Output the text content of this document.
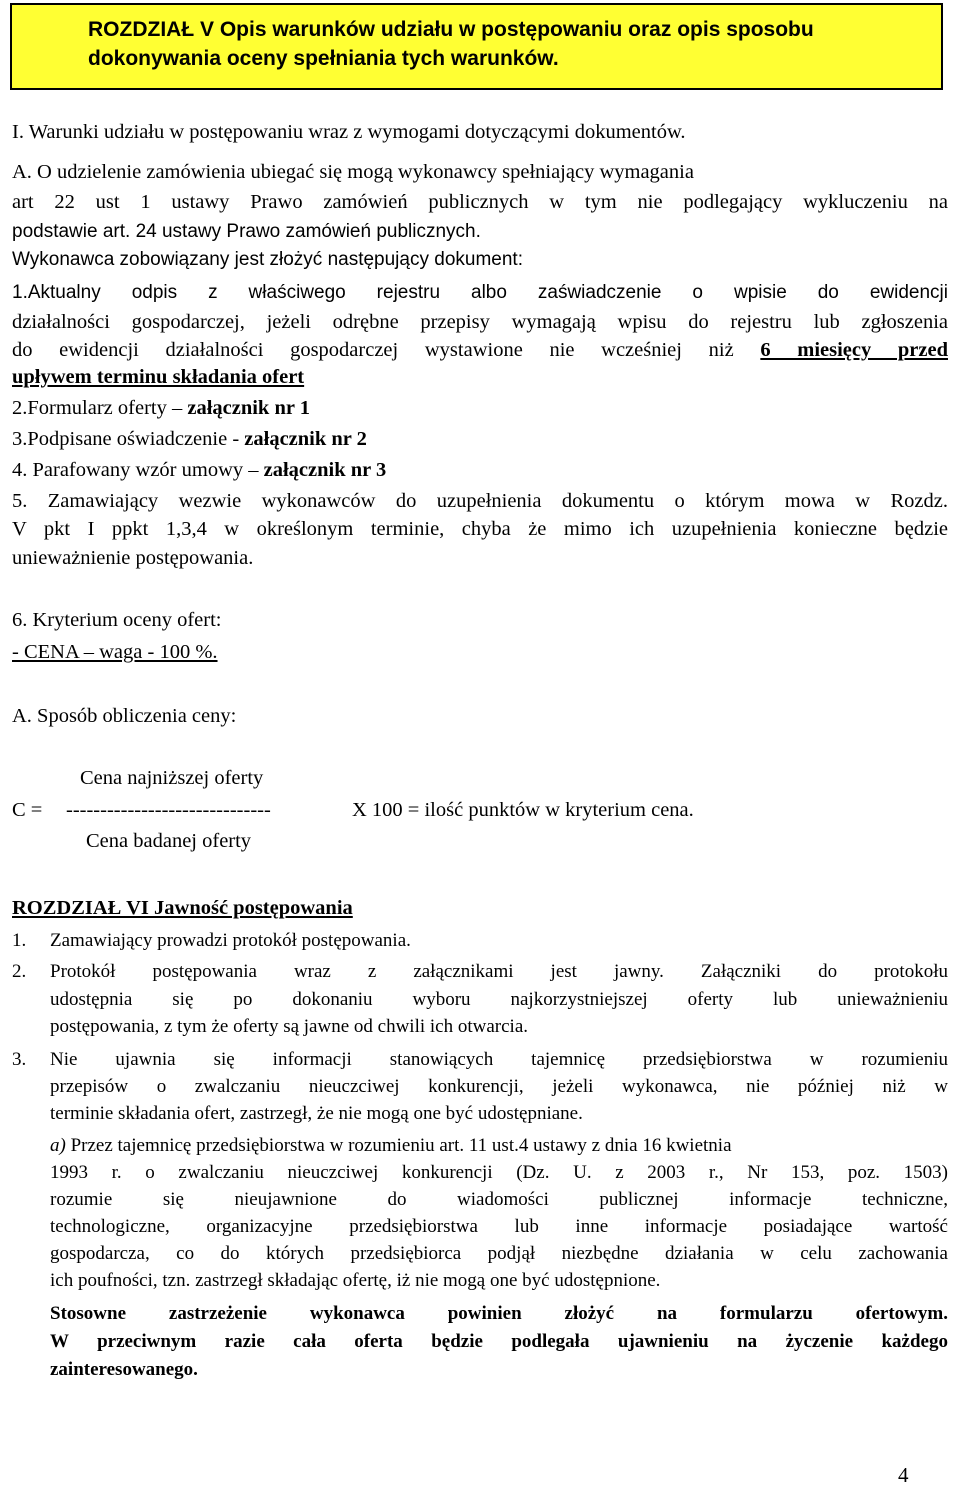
ROZDZIAŁ V Opis warunków udziału w postępowaniu oraz opis sposobu
dokonywania oceny spełniania tych warunków.
I. Warunki udziału w postępowaniu wraz z wymogami dotyczącymi dokumentów.
A. O udzielenie zamówienia ubiegać się mogą wykonawcy spełniający wymagania
art 22 ust 1 ustawy Prawo zamówień publicznych w tym nie podlegający wykluczeniu na
podstawie art. 24 ustawy Prawo zamówień publicznych.
Wykonawca zobowiązany jest złożyć następujący dokument:
1.Aktualny odpis z właściwego rejestru albo zaświadczenie o wpisie do ewidencji
działalności gospodarczej, jeżeli odrębne przepisy wymagają wpisu do rejestru lub zgłoszenia
do ewidencji działalności gospodarczej wystawione nie wcześniej niż 6 miesięcy przed
upływem terminu składania ofert
2.Formularz oferty – załącznik nr 1
3.Podpisane oświadczenie - załącznik nr 2
4. Parafowany wzór umowy – załącznik nr 3
5. Zamawiający wezwie wykonawców do uzupełnienia dokumentu o którym mowa w Rozdz.
V pkt I ppkt 1,3,4 w określonym terminie, chyba że mimo ich uzupełnienia konieczne będzie
unieważnienie postępowania.
6. Kryterium oceny ofert:
- CENA – waga - 100 %.
A. Sposób obliczenia ceny:
Cena najniższej oferty
C = ------------------------------	X 100 = ilość punktów w kryterium cena.
Cena badanej oferty
ROZDZIAŁ VI Jawność postępowania
1. Zamawiający prowadzi protokół postępowania.
2. Protokół postępowania wraz z załącznikami jest jawny. Załączniki do protokołu
udostępnia się po dokonaniu wyboru najkorzystniejszej oferty lub unieważnieniu
postępowania, z tym że oferty są jawne od chwili ich otwarcia.
3. Nie ujawnia się informacji stanowiących tajemnicę przedsiębiorstwa w rozumieniu
przepisów o zwalczaniu nieuczciwej konkurencji, jeżeli wykonawca, nie później niż w
terminie składania ofert, zastrzegł, że nie mogą one być udostępniane.
a) Przez tajemnicę przedsiębiorstwa w rozumieniu art. 11 ust.4 ustawy z dnia 16 kwietnia
1993 r. o zwalczaniu nieuczciwej konkurencji (Dz. U. z 2003 r., Nr 153, poz. 1503)
rozumie się nieujawnione do wiadomości publicznej informacje techniczne,
technologiczne, organizacyjne przedsiębiorstwa lub inne informacje posiadające wartość
gospodarcza, co do których przedsiębiorca podjął niezbędne działania w celu zachowania
ich poufności, tzn. zastrzegł składając ofertę, iż nie mogą one być udostępnione.
Stosowne zastrzeżenie wykonawca powinien złożyć na formularzu ofertowym.
W przeciwnym razie cała oferta będzie podlegała ujawnieniu na życzenie każdego
zainteresowanego.
4
